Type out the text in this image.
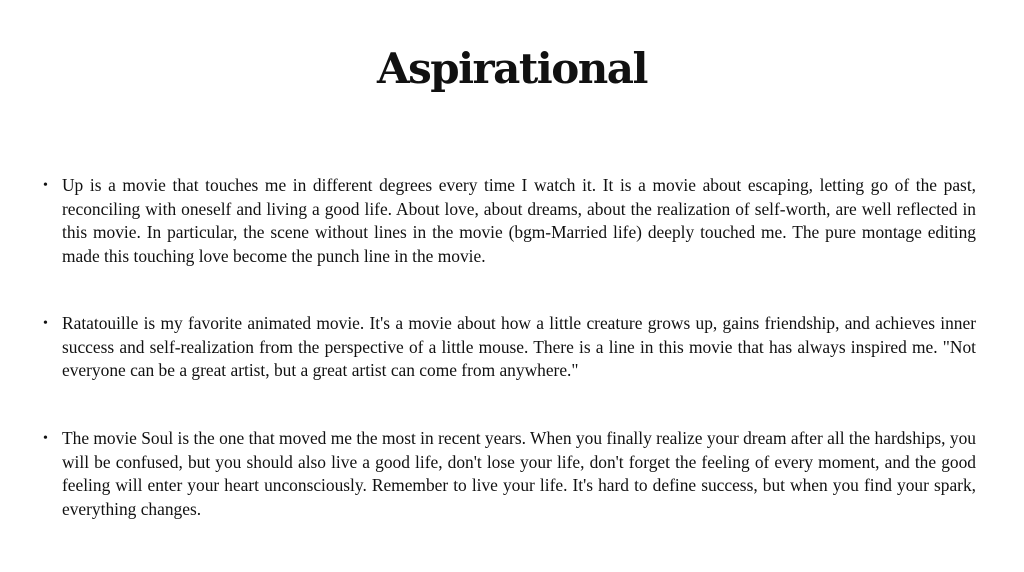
Aspirational
• Up is a movie that touches me in different degrees every time I watch it. It is a movie about escaping, letting go of the past, reconciling with oneself and living a good life. About love, about dreams, about the realization of self-worth, are well reflected in this movie. In particular, the scene without lines in the movie (bgm-Married life) deeply touched me. The pure montage editing made this touching love become the punch line in the movie.

• Ratatouille is my favorite animated movie. It's a movie about how a little creature grows up, gains friendship, and achieves inner success and self-realization from the perspective of a little mouse. There is a line in this movie that has always inspired me. "Not everyone can be a great artist, but a great artist can come from anywhere."

• The movie Soul is the one that moved me the most in recent years. When you finally realize your dream after all the hardships, you will be confused, but you should also live a good life, don't lose your life, don't forget the feeling of every moment, and the good feeling will enter your heart unconsciously. Remember to live your life. It's hard to define success, but when you find your spark, everything changes.
